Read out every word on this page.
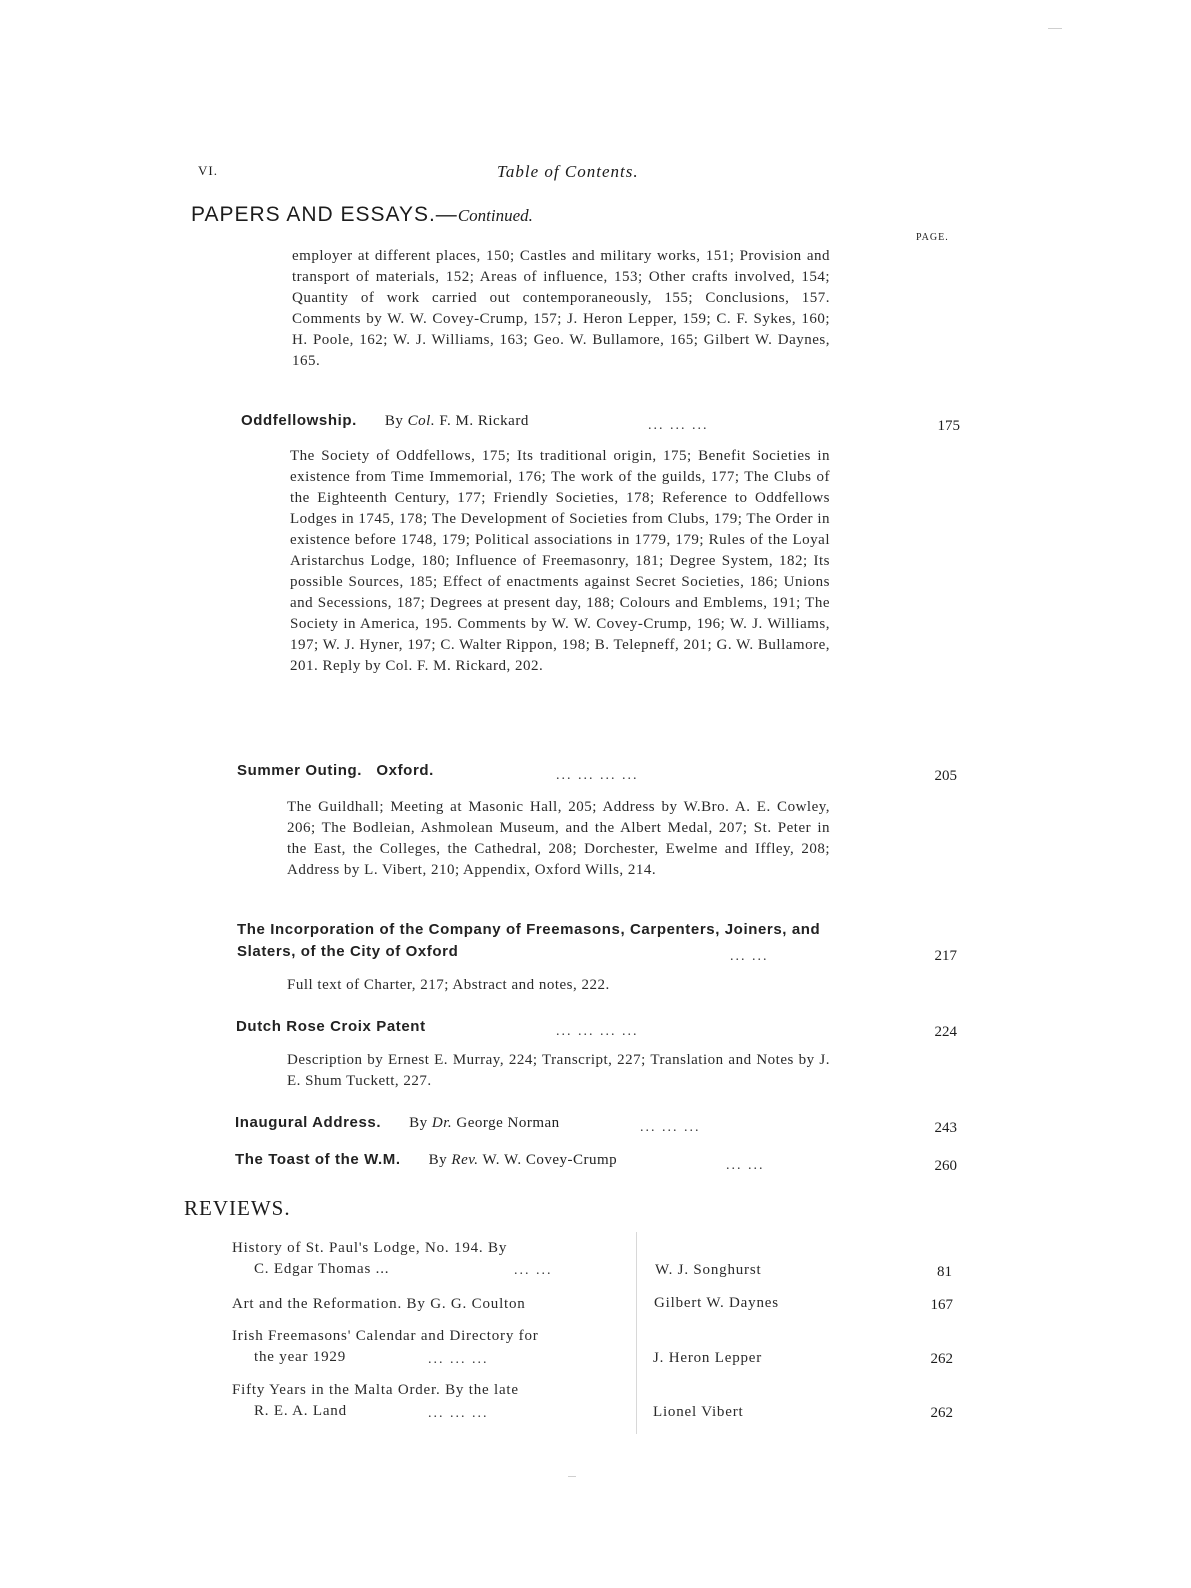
VI.	Table of Contents.
PAPERS AND ESSAYS.—Continued.
PAGE.
employer at different places, 150; Castles and military works, 151; Provision and transport of materials, 152; Areas of influence, 153; Other crafts involved, 154; Quantity of work carried out contemporaneously, 155; Conclusions, 157. Comments by W. W. Covey-Crump, 157; J. Heron Lepper, 159; C. F. Sykes, 160; H. Poole, 162; W. J. Williams, 163; Geo. W. Bullamore, 165; Gilbert W. Daynes, 165.
Oddfellowship. By Col. F. M. Rickard	... ... ...	175
The Society of Oddfellows, 175; Its traditional origin, 175; Benefit Societies in existence from Time Immemorial, 176; The work of the guilds, 177; The Clubs of the Eighteenth Century, 177; Friendly Societies, 178; Reference to Oddfellows Lodges in 1745, 178; The Development of Societies from Clubs, 179; The Order in existence before 1748, 179; Political associations in 1779, 179; Rules of the Loyal Aristarchus Lodge, 180; Influence of Freemasonry, 181; Degree System, 182; Its possible Sources, 185; Effect of enactments against Secret Societies, 186; Unions and Secessions, 187; Degrees at present day, 188; Colours and Emblems, 191; The Society in America, 195. Comments by W. W. Covey-Crump, 196; W. J. Williams, 197; W. J. Hyner, 197; C. Walter Rippon, 198; B. Telepneff, 201; G. W. Bullamore, 201. Reply by Col. F. M. Rickard, 202.
Summer Outing.   Oxford.	... ... ... ...	205
The Guildhall; Meeting at Masonic Hall, 205; Address by W.Bro. A. E. Cowley, 206; The Bodleian, Ashmolean Museum, and the Albert Medal, 207; St. Peter in the East, the Colleges, the Cathedral, 208; Dorchester, Ewelme and Iffley, 208; Address by L. Vibert, 210; Appendix, Oxford Wills, 214.
The Incorporation of the Company of Freemasons, Carpenters, Joiners, and Slaters, of the City of Oxford	... ...	217
Full text of Charter, 217; Abstract and notes, 222.
Dutch Rose Croix Patent	... ... ... ...	224
Description by Ernest E. Murray, 224; Transcript, 227; Translation and Notes by J. E. Shum Tuckett, 227.
Inaugural Address. By Dr. George Norman	... ... ...	243
The Toast of the W.M. By Rev. W. W. Covey-Crump	... ...	260
REVIEWS.
History of St. Paul's Lodge, No. 194. By
C. Edgar Thomas ...	... ...	W. J. Songhurst	81
Art and the Reformation. By G. G. Coulton	Gilbert W. Daynes	167
Irish Freemasons' Calendar and Directory for
the year 1929	... ... ...	J. Heron Lepper	262
Fifty Years in the Malta Order. By the late
R. E. A. Land	... ... ...	Lionel Vibert	262
